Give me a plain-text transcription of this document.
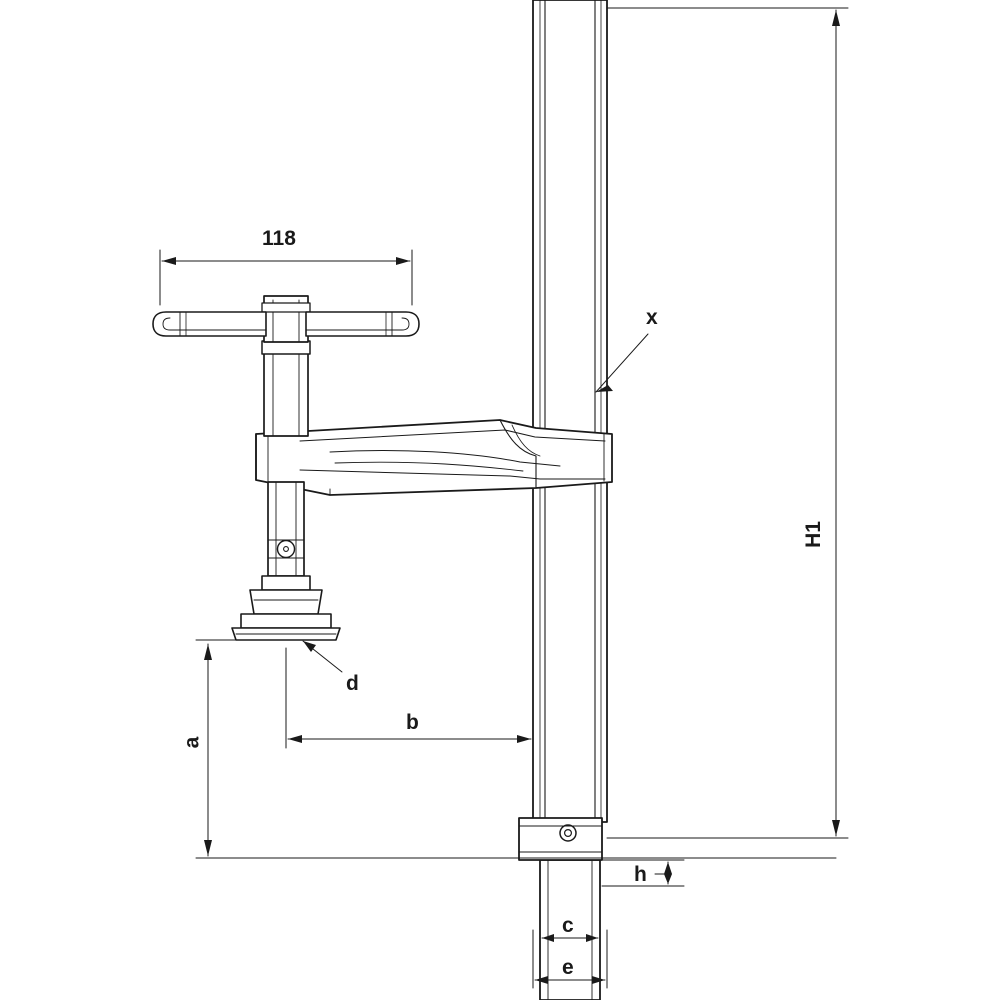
118
H1
a
b
d
x
h
c
e
